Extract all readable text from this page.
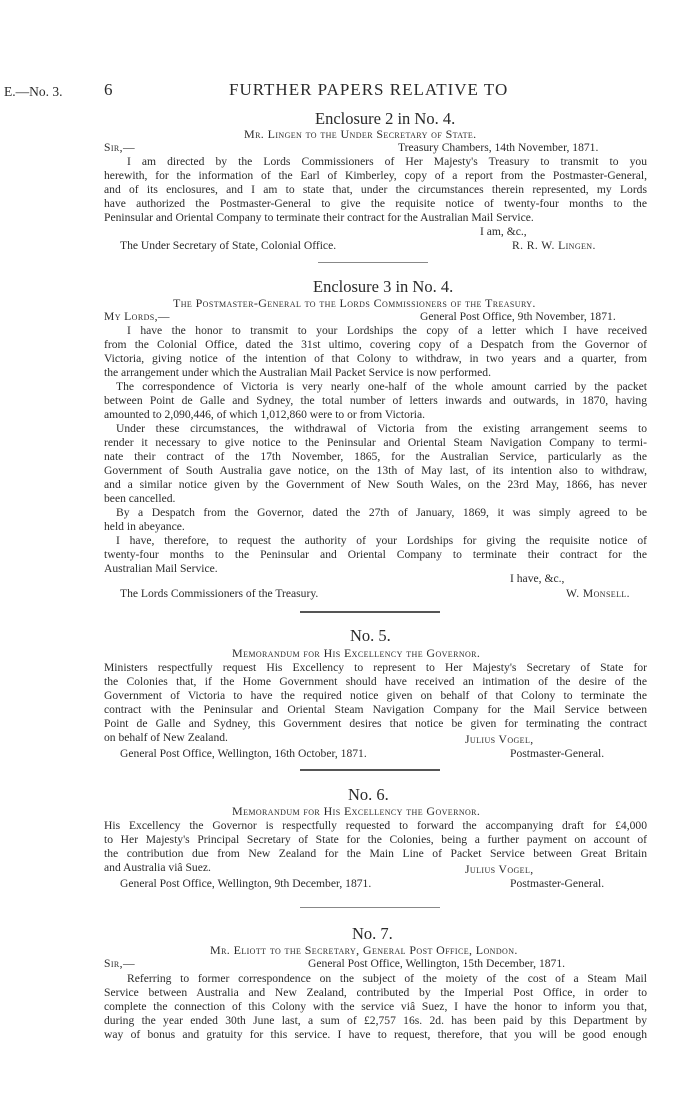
E.—No. 3. 6	FURTHER PAPERS RELATIVE TO
Enclosure 2 in No. 4.
Mr. Lingen to the Under Secretary of State.
Sir,—	Treasury Chambers, 14th November, 1871.
I am directed by the Lords Commissioners of Her Majesty's Treasury to transmit to you
herewith, for the information of the Earl of Kimberley, copy of a report from the Postmaster-General,
and of its enclosures, and I am to state that, under the circumstances therein represented, my Lords
have authorized the Postmaster-General to give the requisite notice of twenty-four months to the
Peninsular and Oriental Company to terminate their contract for the Australian Mail Service.
I am, &c.,
The Under Secretary of State, Colonial Office.	R. R. W. Lingen.
Enclosure 3 in No. 4.
The Postmaster-General to the Lords Commissioners of the Treasury.
My Lords,—	General Post Office, 9th November, 1871.
I have the honor to transmit to your Lordships the copy of a letter which I have received
from the Colonial Office, dated the 31st ultimo, covering copy of a Despatch from the Governor of
Victoria, giving notice of the intention of that Colony to withdraw, in two years and a quarter, from
the arrangement under which the Australian Mail Packet Service is now performed.
The correspondence of Victoria is very nearly one-half of the whole amount carried by the packet
between Point de Galle and Sydney, the total number of letters inwards and outwards, in 1870, having
amounted to 2,090,446, of which 1,012,860 were to or from Victoria.
Under these circumstances, the withdrawal of Victoria from the existing arrangement seems to
render it necessary to give notice to the Peninsular and Oriental Steam Navigation Company to termi-
nate their contract of the 17th November, 1865, for the Australian Service, particularly as the
Government of South Australia gave notice, on the 13th of May last, of its intention also to withdraw,
and a similar notice given by the Government of New South Wales, on the 23rd May, 1866, has never
been cancelled.
By a Despatch from the Governor, dated the 27th of January, 1869, it was simply agreed to be
held in abeyance.
I have, therefore, to request the authority of your Lordships for giving the requisite notice of
twenty-four months to the Peninsular and Oriental Company to terminate their contract for the
Australian Mail Service.
I have, &c.,
The Lords Commissioners of the Treasury.	W. Monsell.
No. 5.
Memorandum for His Excellency the Governor.
Ministers respectfully request His Excellency to represent to Her Majesty's Secretary of State for
the Colonies that, if the Home Government should have received an intimation of the desire of the
Government of Victoria to have the required notice given on behalf of that Colony to terminate the
contract with the Peninsular and Oriental Steam Navigation Company for the Mail Service between
Point de Galle and Sydney, this Government desires that notice be given for terminating the contract
on behalf of New Zealand.	Julius Vogel,
General Post Office, Wellington, 16th October, 1871.	Postmaster-General.
No. 6.
Memorandum for His Excellency the Governor.
His Excellency the Governor is respectfully requested to forward the accompanying draft for £4,000
to Her Majesty's Principal Secretary of State for the Colonies, being a further payment on account of
the contribution due from New Zealand for the Main Line of Packet Service between Great Britain
and Australia viâ Suez.	Julius Vogel,
General Post Office, Wellington, 9th December, 1871.	Postmaster-General.
No. 7.
Mr. Eliott to the Secretary, General Post Office, London.
Sir,—	General Post Office, Wellington, 15th December, 1871.
Referring to former correspondence on the subject of the moiety of the cost of a Steam Mail
Service between Australia and New Zealand, contributed by the Imperial Post Office, in order to
complete the connection of this Colony with the service viâ Suez, I have the honor to inform you that,
during the year ended 30th June last, a sum of £2,757 16s. 2d. has been paid by this Department by
way of bonus and gratuity for this service. I have to request, therefore, that you will be good enough
